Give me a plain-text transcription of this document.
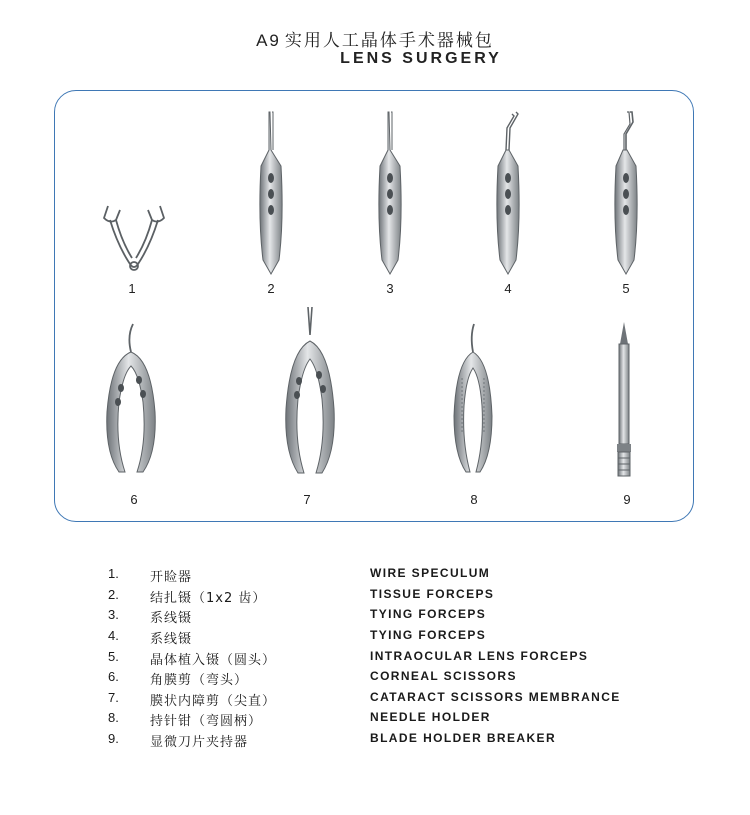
A9 实用人工晶体手术器械包
LENS SURGERY
1	2	3	4	5
6	7	8	9
1.	开睑器	WIRE SPECULUM
2.	结扎镊（1x2 齿）	TISSUE FORCEPS
3.	系线镊	TYING FORCEPS
4.	系线镊	TYING FORCEPS
5.	晶体植入镊（圆头）	INTRAOCULAR LENS FORCEPS
6.	角膜剪（弯头）	CORNEAL SCISSORS
7.	膜状内障剪（尖直）	CATARACT SCISSORS MEMBRANCE
8.	持针钳（弯圆柄）	NEEDLE HOLDER
9.	显微刀片夹持器	BLADE HOLDER BREAKER
